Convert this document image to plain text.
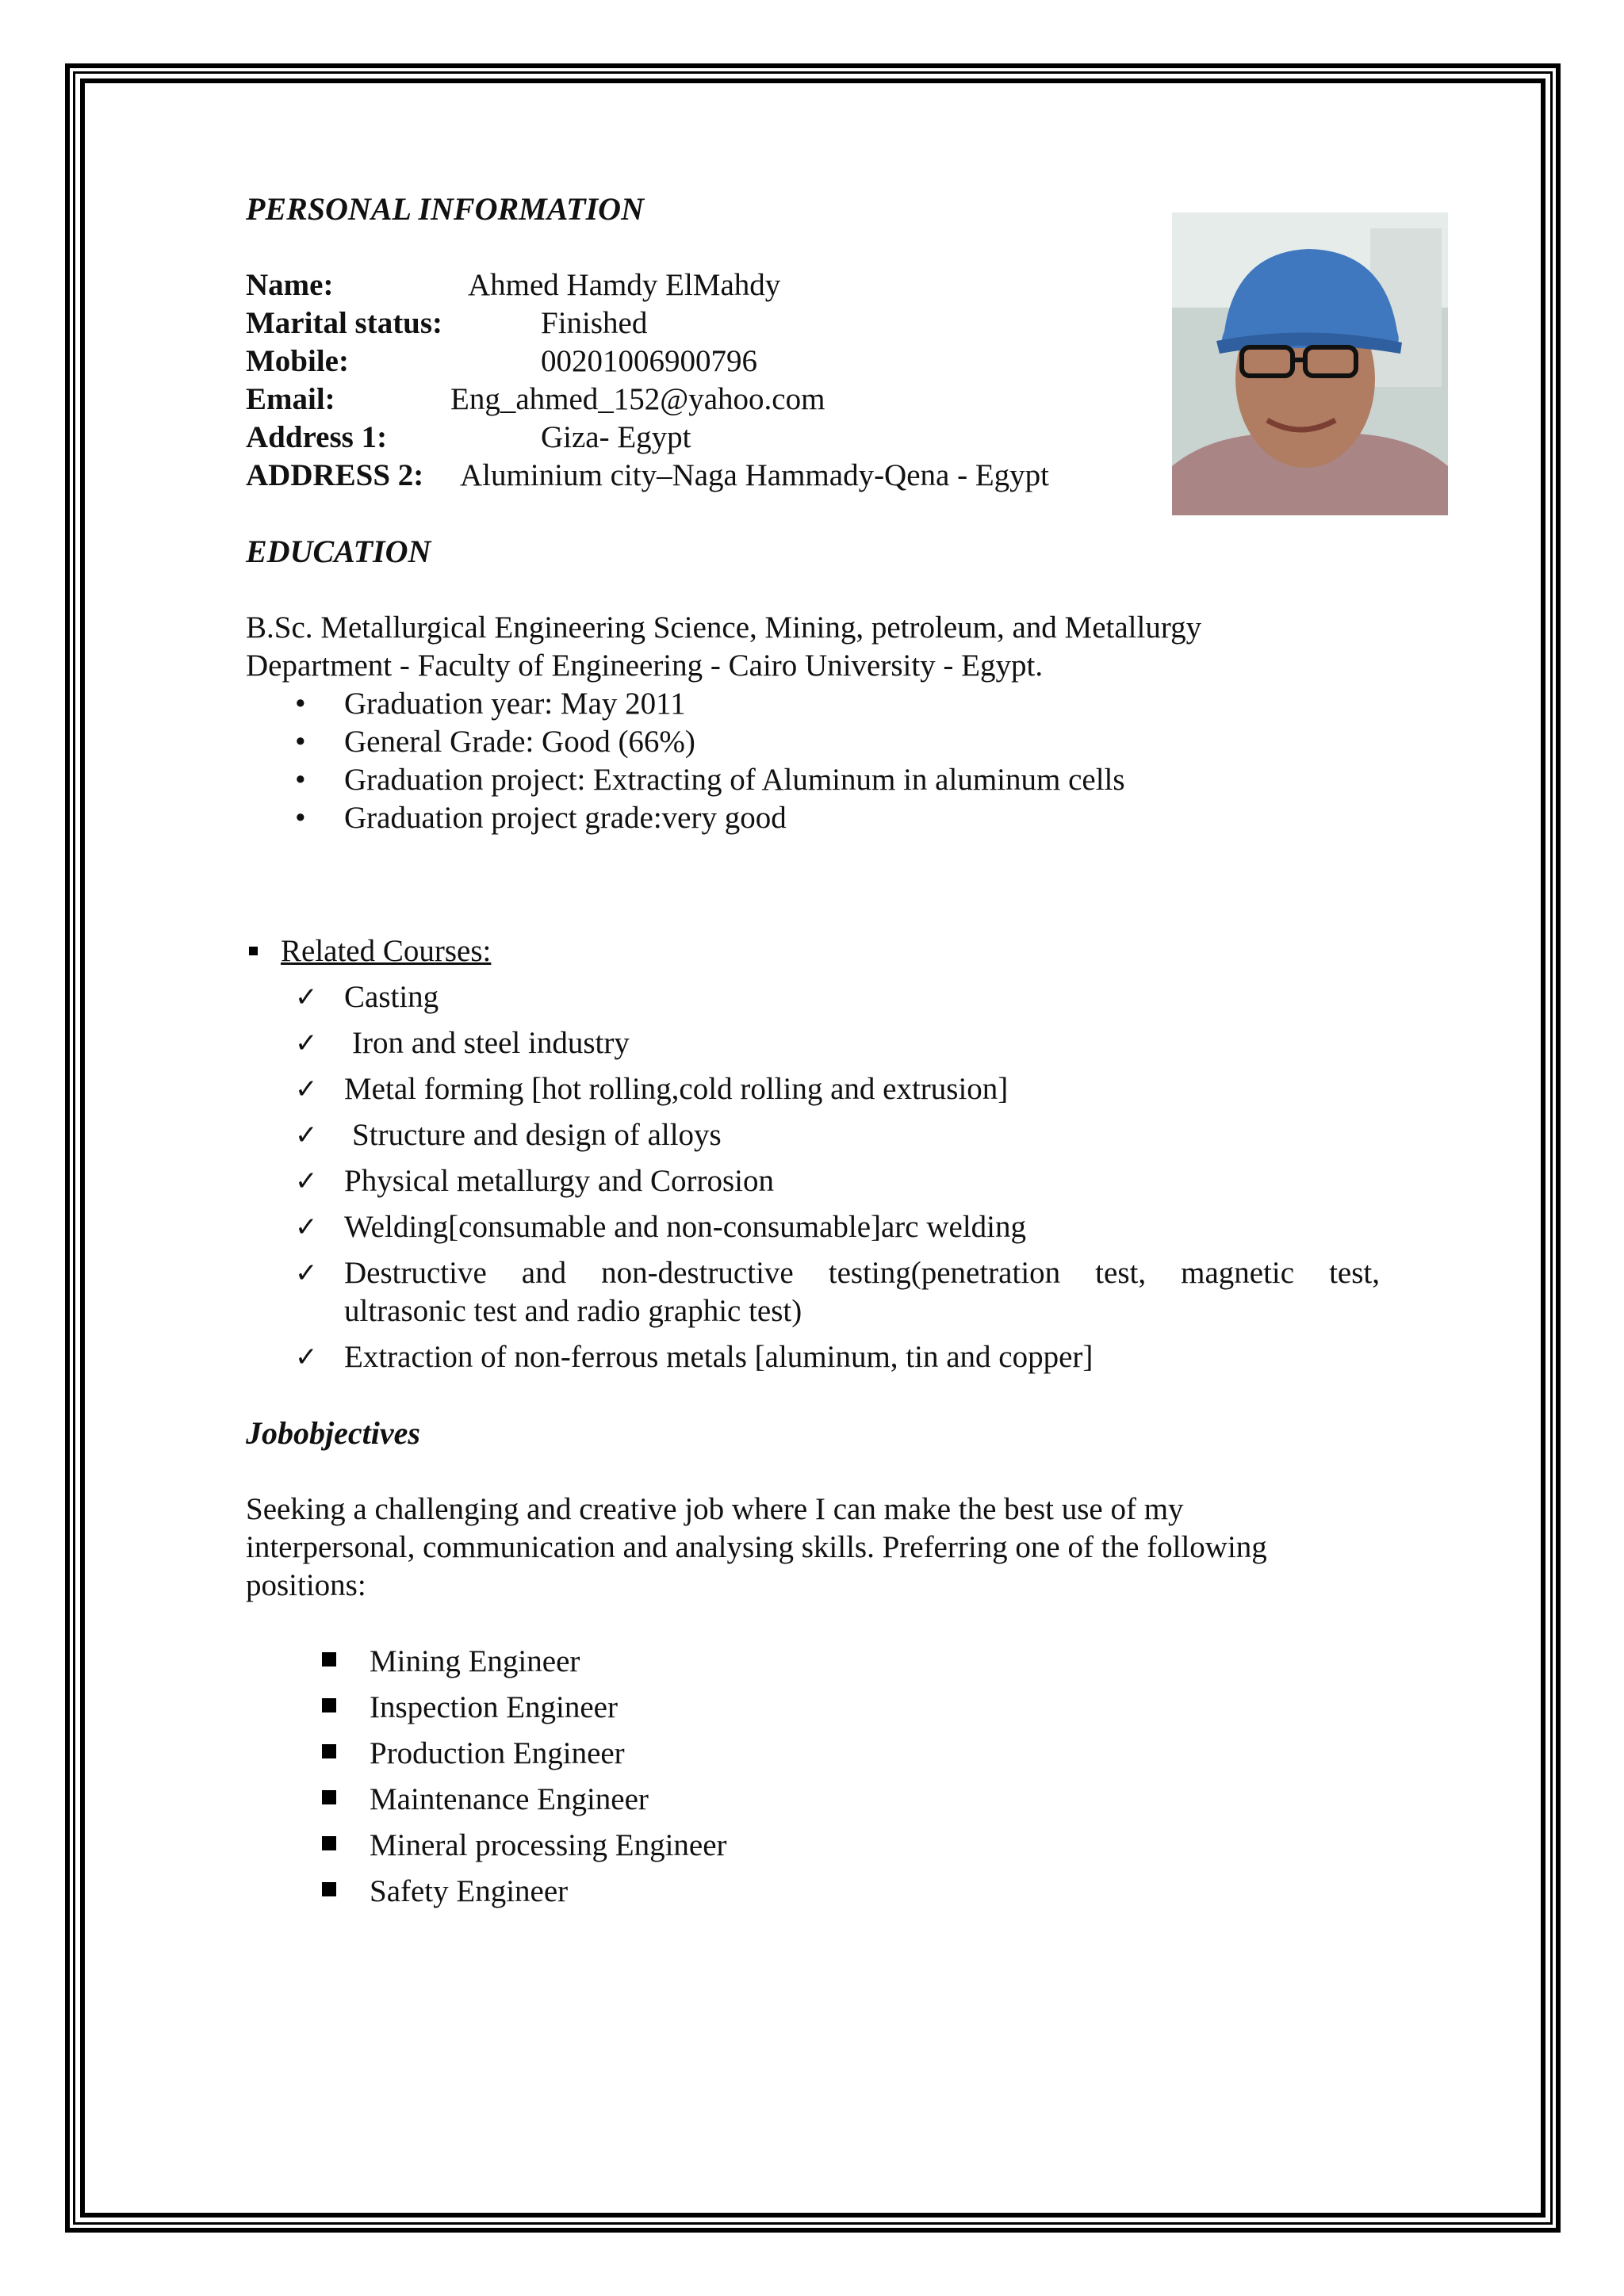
PERSONAL INFORMATION

Name:	Ahmed Hamdy ElMahdy
Marital status:	Finished
Mobile:	00201006900796
Email:	Eng_ahmed_152@yahoo.com
Address 1:	Giza- Egypt
ADDRESS 2: Aluminium city–Naga Hammady-Qena - Egypt

EDUCATION

B.Sc. Metallurgical Engineering Science, Mining, petroleum, and Metallurgy Department - Faculty of Engineering - Cairo University - Egypt.

• Graduation year: May 2011
• General Grade: Good (66%)
• Graduation project: Extracting of Aluminum in aluminum cells
• Graduation project grade:very good
Related Courses:
✓ Casting
✓ Iron and steel industry
✓ Metal forming [hot rolling,cold rolling and extrusion]
✓ Structure and design of alloys
✓ Physical metallurgy and Corrosion
✓ Welding[consumable and non-consumable]arc welding
✓ Destructive and non-destructive testing(penetration test, magnetic test,
ultrasonic test and radio graphic test)
✓ Extraction of non-ferrous metals [aluminum, tin and copper]

Jobobjectives

Seeking a challenging and creative job where I can make the best use of my interpersonal, communication and analysing skills. Preferring one of the following positions:

Mining Engineer
Inspection Engineer
Production Engineer
Maintenance Engineer
Mineral processing Engineer
Safety Engineer
